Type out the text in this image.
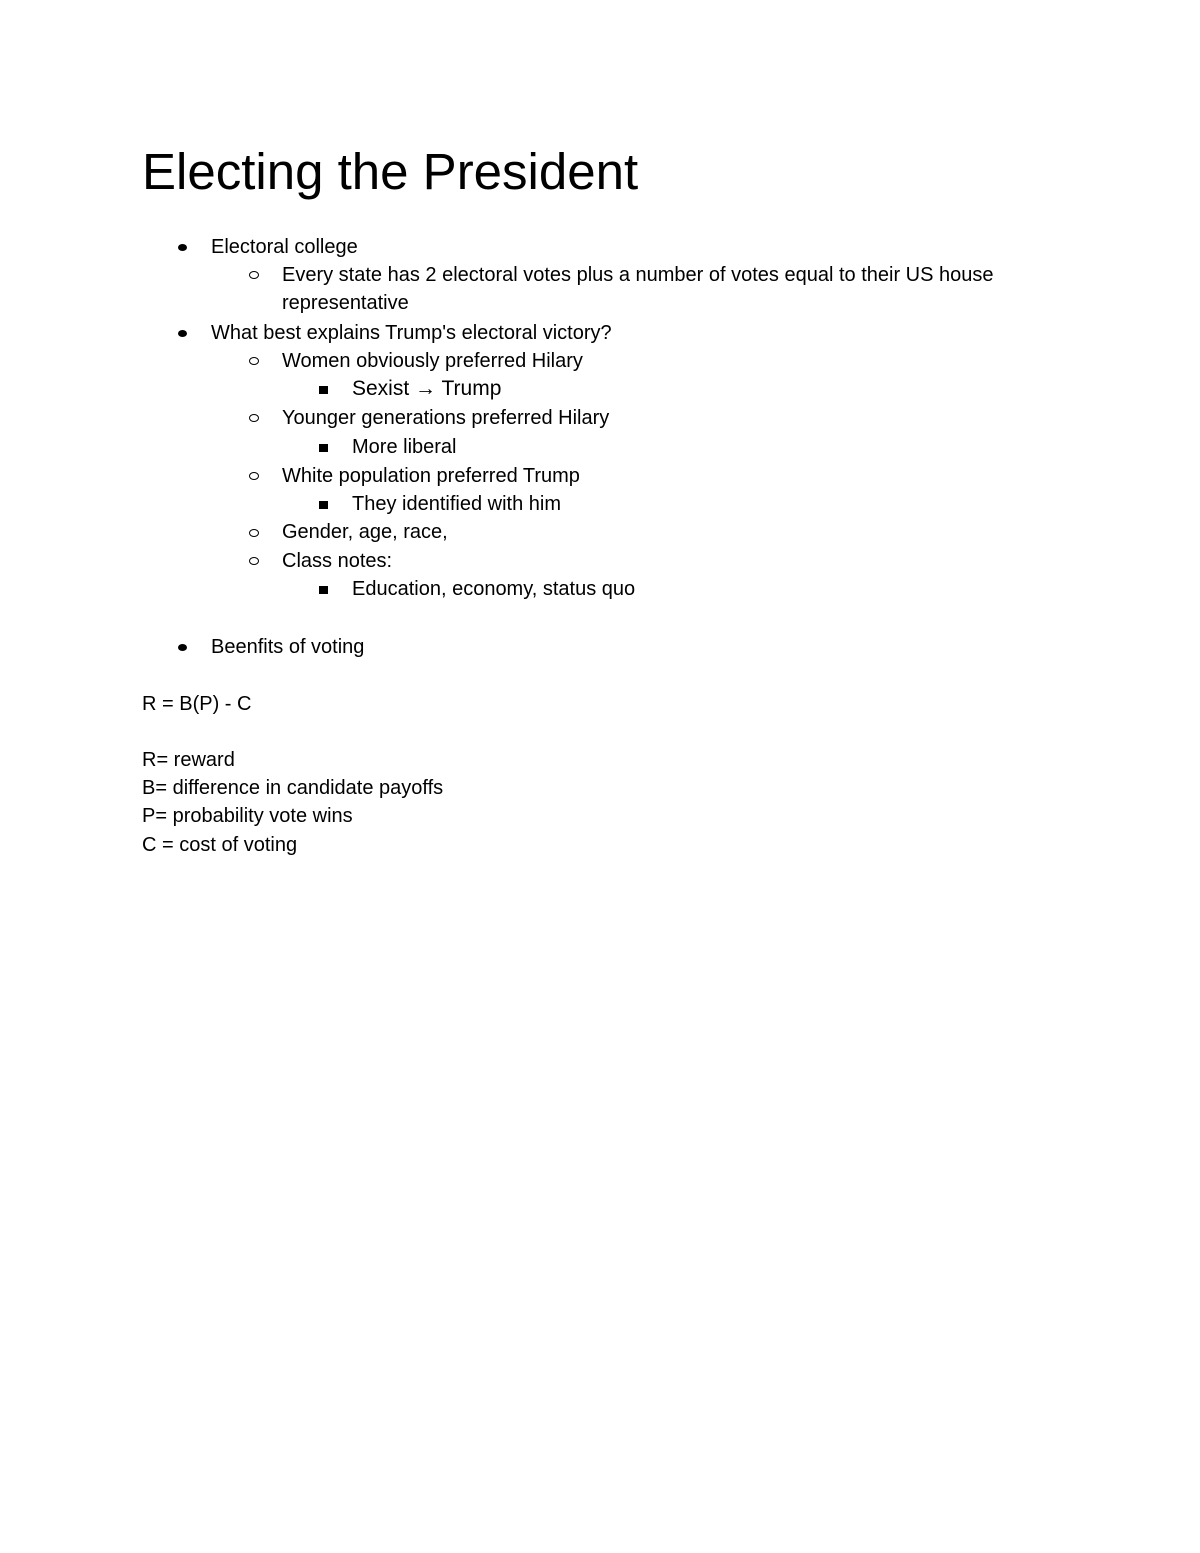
Electing the President
Electoral college
Every state has 2 electoral votes plus a number of votes equal to their US house
representative
What best explains Trump's electoral victory?
Women obviously preferred Hilary
Sexist → Trump
Younger generations preferred Hilary
More liberal
White population preferred Trump
They identified with him
Gender, age, race,
Class notes:
Education, economy, status quo
Beenfits of voting
R = B(P) - C
R= reward
B= difference in candidate payoffs
P= probability vote wins
C = cost of voting
